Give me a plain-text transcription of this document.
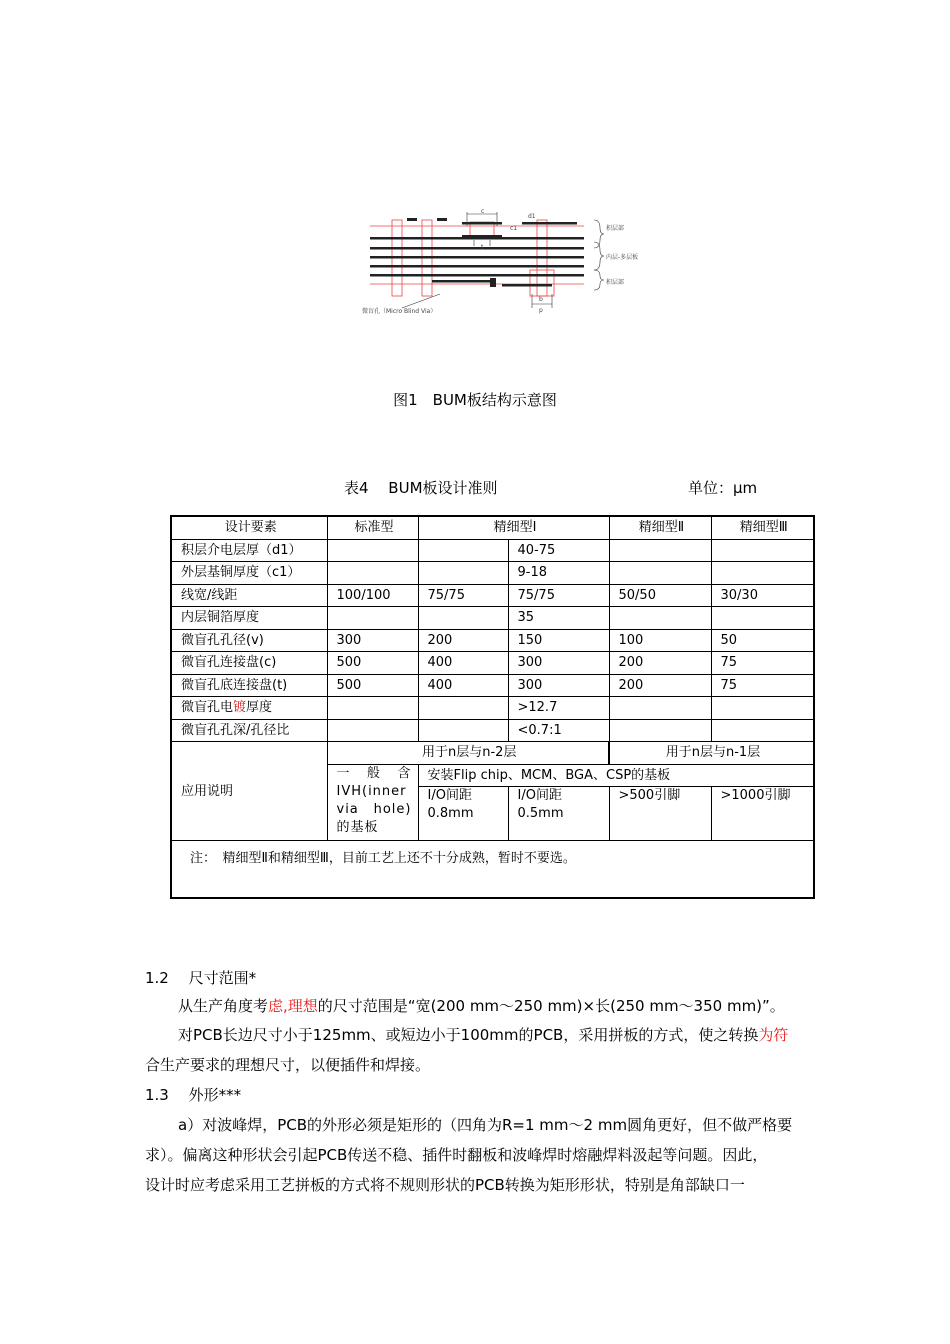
c
t
d1
c1
b
p
积层部
内层-多层板
积层部
微盲孔（Micro Blind Via）
图1　BUM板结构示意图
表4　 BUM板设计准则	单位：μm
设计要素	标准型	精细型Ⅰ		精细型Ⅱ	精细型Ⅲ
积层介电层厚（d1）			40-75		
外层基铜厚度（c1）			9-18		
线宽/线距	100/100	75/75	75/75	50/50	30/30
内层铜箔厚度			35		
微盲孔孔径(v)	300	200	150	100	50
微盲孔连接盘(c)	500	400	300	200	75
微盲孔底连接盘(t)	500	400	300	200	75
微盲孔电镀厚度			>12.7		
微盲孔孔深/孔径比			<0.7:1		
应用说明	用于n层与n-2层			用于n层与n-1层	
	一　般　含IVH(inner　via　hole)的基板	安装Flip chip、MCM、BGA、CSP的基板			
		I/O间距0.8mm	I/O间距0.5mm	>500引脚	>1000引脚
注：　精细型Ⅱ和精细型Ⅲ，目前工艺上还不十分成熟，暂时不要选。					
1.2　 尺寸范围*
从生产角度考虑,理想的尺寸范围是“宽(200 mm～250 mm)×长(250 mm～350 mm)”。
对PCB长边尺寸小于125mm、或短边小于100mm的PCB，采用拼板的方式，使之转换为符
合生产要求的理想尺寸，以便插件和焊接。
1.3　 外形***
a）对波峰焊，PCB的外形必须是矩形的（四角为R=1 mm～2 mm圆角更好，但不做严格要
求）。偏离这种形状会引起PCB传送不稳、插件时翻板和波峰焊时熔融焊料汲起等问题。因此，
设计时应考虑采用工艺拼板的方式将不规则形状的PCB转换为矩形形状，特别是角部缺口一
